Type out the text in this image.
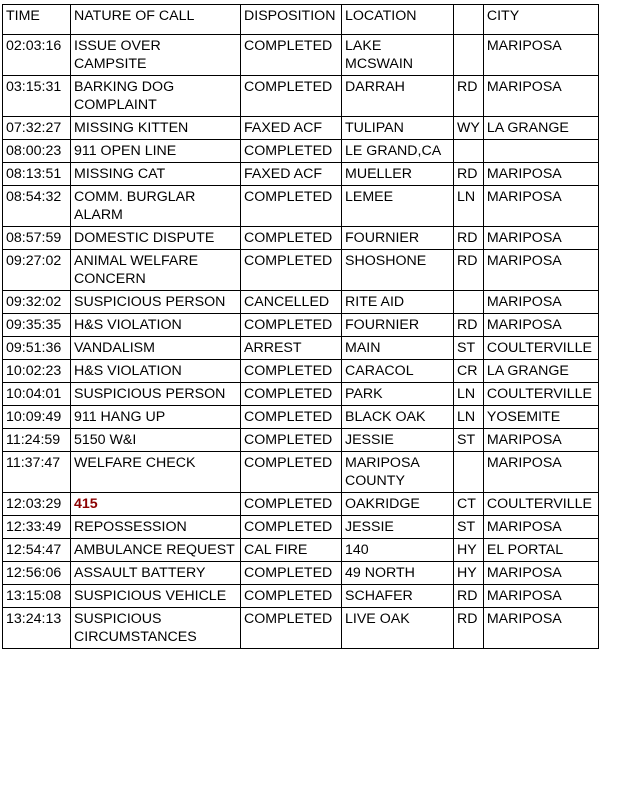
TIME	NATURE OF CALL	DISPOSITION	LOCATION		CITY
02:03:16	ISSUE OVER CAMPSITE	COMPLETED	LAKE MCSWAIN		MARIPOSA
03:15:31	BARKING DOG COMPLAINT	COMPLETED	DARRAH	RD	MARIPOSA
07:32:27	MISSING KITTEN	FAXED ACF	TULIPAN	WY	LA GRANGE
08:00:23	911 OPEN LINE	COMPLETED	LE GRAND,CA		
08:13:51	MISSING CAT	FAXED ACF	MUELLER	RD	MARIPOSA
08:54:32	COMM. BURGLAR ALARM	COMPLETED	LEMEE	LN	MARIPOSA
08:57:59	DOMESTIC DISPUTE	COMPLETED	FOURNIER	RD	MARIPOSA
09:27:02	ANIMAL WELFARE CONCERN	COMPLETED	SHOSHONE	RD	MARIPOSA
09:32:02	SUSPICIOUS PERSON	CANCELLED	RITE AID		MARIPOSA
09:35:35	H&S VIOLATION	COMPLETED	FOURNIER	RD	MARIPOSA
09:51:36	VANDALISM	ARREST	MAIN	ST	COULTERVILLE
10:02:23	H&S VIOLATION	COMPLETED	CARACOL	CR	LA GRANGE
10:04:01	SUSPICIOUS PERSON	COMPLETED	PARK	LN	COULTERVILLE
10:09:49	911 HANG UP	COMPLETED	BLACK OAK	LN	YOSEMITE
11:24:59	5150 W&I	COMPLETED	JESSIE	ST	MARIPOSA
11:37:47	WELFARE CHECK	COMPLETED	MARIPOSA COUNTY		MARIPOSA
12:03:29	415	COMPLETED	OAKRIDGE	CT	COULTERVILLE
12:33:49	REPOSSESSION	COMPLETED	JESSIE	ST	MARIPOSA
12:54:47	AMBULANCE REQUEST	CAL FIRE	140	HY	EL PORTAL
12:56:06	ASSAULT BATTERY	COMPLETED	49 NORTH	HY	MARIPOSA
13:15:08	SUSPICIOUS VEHICLE	COMPLETED	SCHAFER	RD	MARIPOSA
13:24:13	SUSPICIOUS CIRCUMSTANCES	COMPLETED	LIVE OAK	RD	MARIPOSA
